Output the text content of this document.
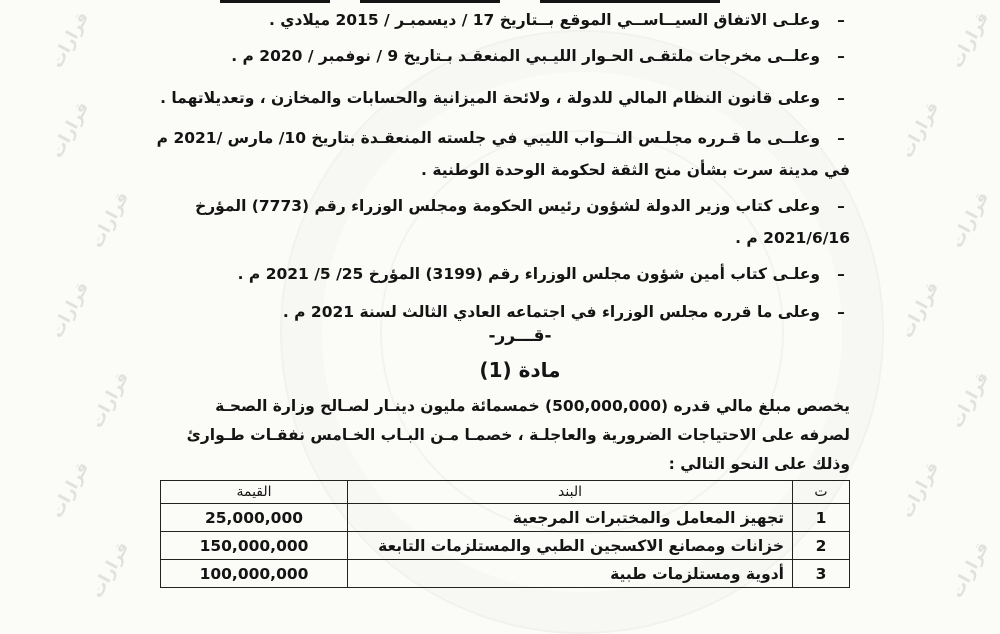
قرارات
قرارات
قرارات
قرارات
قرارات
قرارات
قرارات
قرارات
قرارات
قرارات
قرارات
قرارات
قرارات
قرارات	–وعلـى الاتفاق السيــاســي الموقع بــتاريخ 17 / ديسمبـر / 2015 ميلادي .
–وعلــى مخرجات ملتقـى الحـوار الليـبي المنعقـد بـتاريخ 9 / نوفمبر / 2020 م .
–وعلى قانون النظام المالي للدولة ، ولائحة الميزانية والحسابات والمخازن ، وتعديلاتهما .
–وعلــى ما قـرره مجلـس النــواب الليبي في جلسته المنعقـدة بتاريخ 10/ مارس /2021 م
في مدينة سرت بشأن منح الثقة لحكومة الوحدة الوطنية .
–وعلى كتاب وزير الدولة لشؤون رئيس الحكومة ومجلس الوزراء رقم (7773) المؤرخ
2021/6/16 م .
–وعلـى كتاب أمين شؤون مجلس الوزراء رقم (3199) المؤرخ 25/ 5/ 2021 م .
–وعلى ما قرره مجلس الوزراء في اجتماعه العادي الثالث لسنة 2021 م .
-قـــرر-
مادة (1)
يخصص مبلغ مالي قدره (500,000,000) خمسمائة مليون دينـار لصـالح وزارة الصحـة
لصرفه على الاحتياجات الضرورية والعاجلـة ، خصمـا مـن البـاب الخـامس نفقـات طـوارئ
وذلك على النحو التالي :
ت	البند	القيمة
1	تجهيز المعامل والمختبرات المرجعية	25,000,000
2	خزانات ومصانع الاكسجين الطبي والمستلزمات التابعة	150,000,000
3	أدوية ومستلزمات طبية	100,000,000
